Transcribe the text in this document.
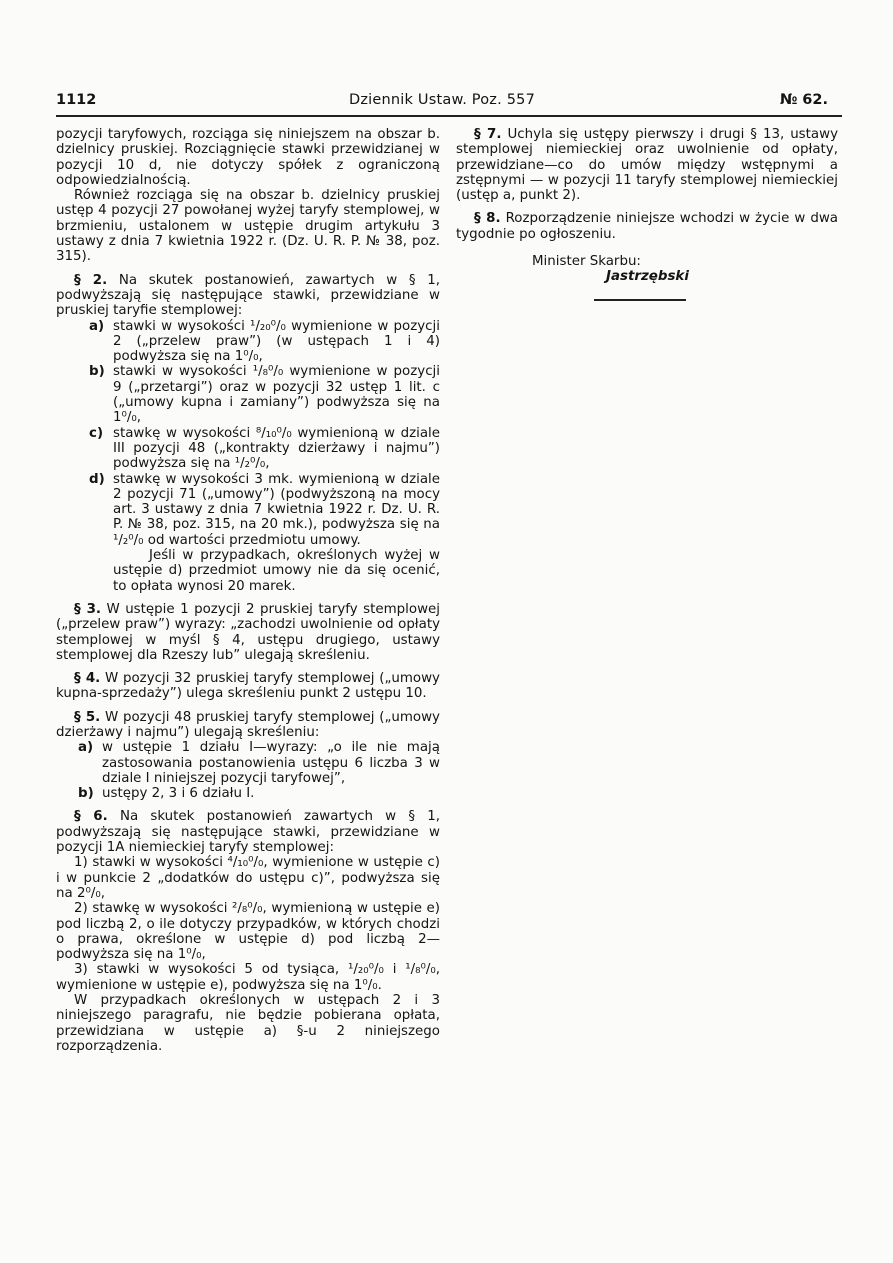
1112	Dziennik Ustaw. Poz. 557	№ 62.

pozycji taryfowych, rozciąga się niniejszem na obszar b. dzielnicy pruskiej. Rozciągnięcie stawki przewidzianej w pozycji 10 d, nie dotyczy spółek z ograniczoną odpowiedzialnością.

Również rozciąga się na obszar b. dzielnicy pruskiej ustęp 4 pozycji 27 powołanej wyżej taryfy stemplowej, w brzmieniu, ustalonem w ustępie drugim artykułu 3 ustawy z dnia 7 kwietnia 1922 r. (Dz. U. R. P. № 38, poz. 315).

§ 2. Na skutek postanowień, zawartych w § 1, podwyższają się następujące stawki, przewidziane w pruskiej taryfie stemplowej:

a) stawki w wysokości ¹/₂₀⁰/₀ wymienione w pozycji 2 („przelew praw”) (w ustępach 1 i 4) podwyższa się na 1⁰/₀,
b) stawki w wysokości ¹/₈⁰/₀ wymienione w pozycji 9 („przetargi”) oraz w pozycji 32 ustęp 1 lit. c („umowy kupna i zamiany”) podwyższa się na 1⁰/₀,
c) stawkę w wysokości ⁸/₁₀⁰/₀ wymienioną w dziale III pozycji 48 („kontrakty dzierżawy i najmu”) podwyższa się na ¹/₂⁰/₀,
d) stawkę w wysokości 3 mk. wymienioną w dziale 2 pozycji 71 („umowy”) (podwyższoną na mocy art. 3 ustawy z dnia 7 kwietnia 1922 r. Dz. U. R. P. № 38, poz. 315, na 20 mk.), podwyższa się na ¹/₂⁰/₀ od wartości przedmiotu umowy.
Jeśli w przypadkach, określonych wyżej w ustępie d) przedmiot umowy nie da się ocenić, to opłata wynosi 20 marek.

§ 3. W ustępie 1 pozycji 2 pruskiej taryfy stemplowej („przelew praw”) wyrazy: „zachodzi uwolnienie od opłaty stemplowej w myśl § 4, ustępu drugiego, ustawy stemplowej dla Rzeszy lub” ulegają skreśleniu.

§ 4. W pozycji 32 pruskiej taryfy stemplowej („umowy kupna-sprzedaży”) ulega skreśleniu punkt 2 ustępu 10.

§ 5. W pozycji 48 pruskiej taryfy stemplowej („umowy dzierżawy i najmu”) ulegają skreśleniu:

a) w ustępie 1 działu I—wyrazy: „o ile nie mają zastosowania postanowienia ustępu 6 liczba 3 w dziale I niniejszej pozycji taryfowej”,
b) ustępy 2, 3 i 6 działu I.

§ 6. Na skutek postanowień zawartych w § 1, podwyższają się następujące stawki, przewidziane w pozycji 1A niemieckiej taryfy stemplowej:

1) stawki w wysokości ⁴/₁₀⁰/₀, wymienione w ustępie c) i w punkcie 2 „dodatków do ustępu c)”, podwyższa się na 2⁰/₀,

2) stawkę w wysokości ²/₈⁰/₀, wymienioną w ustępie e) pod liczbą 2, o ile dotyczy przypadków, w których chodzi o prawa, określone w ustępie d) pod liczbą 2—podwyższa się na 1⁰/₀,

3) stawki w wysokości 5 od tysiąca, ¹/₂₀⁰/₀ i ¹/₈⁰/₀, wymienione w ustępie e), podwyższa się na 1⁰/₀.

W przypadkach określonych w ustępach 2 i 3 niniejszego paragrafu, nie będzie pobierana opłata, przewidziana w ustępie a) §-u 2 niniejszego rozporządzenia.

§ 7. Uchyla się ustępy pierwszy i drugi § 13, ustawy stemplowej niemieckiej oraz uwolnienie od opłaty, przewidziane—co do umów między wstępnymi a zstępnymi — w pozycji 11 taryfy stemplowej niemieckiej (ustęp a, punkt 2).

§ 8. Rozporządzenie niniejsze wchodzi w życie w dwa tygodnie po ogłoszeniu.

Minister Skarbu:
Jastrzębski
